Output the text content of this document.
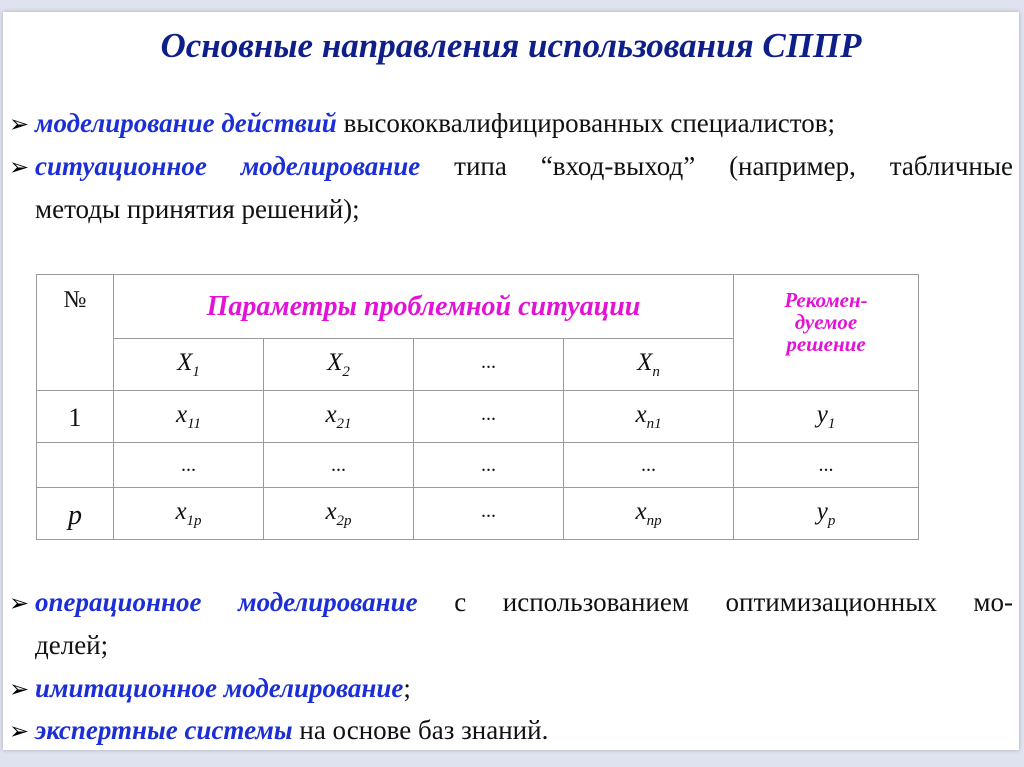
Основные направления использования СППР
➢ моделирование действий высококвалифицированных специалистов;
➢ ситуационное моделирование типа “вход-выход” (например, табличные
методы принятия решений);
№	Параметры проблемной ситуации				Рекомен-
дуемое
решение

	$X_1$	$X_2$	...	$X_n$
1	$x_{11}$	$x_{21}$	...	$x_{n1}$	$y_1$
	...	...	...	...	...
p	$x_{1p}$	$x_{2p}$	...	$x_{np}$	$y_p$
➢ операционное моделирование с использованием оптимизационных мо-
делей;
➢ имитационное моделирование;
➢ экспертные системы на основе баз знаний.
